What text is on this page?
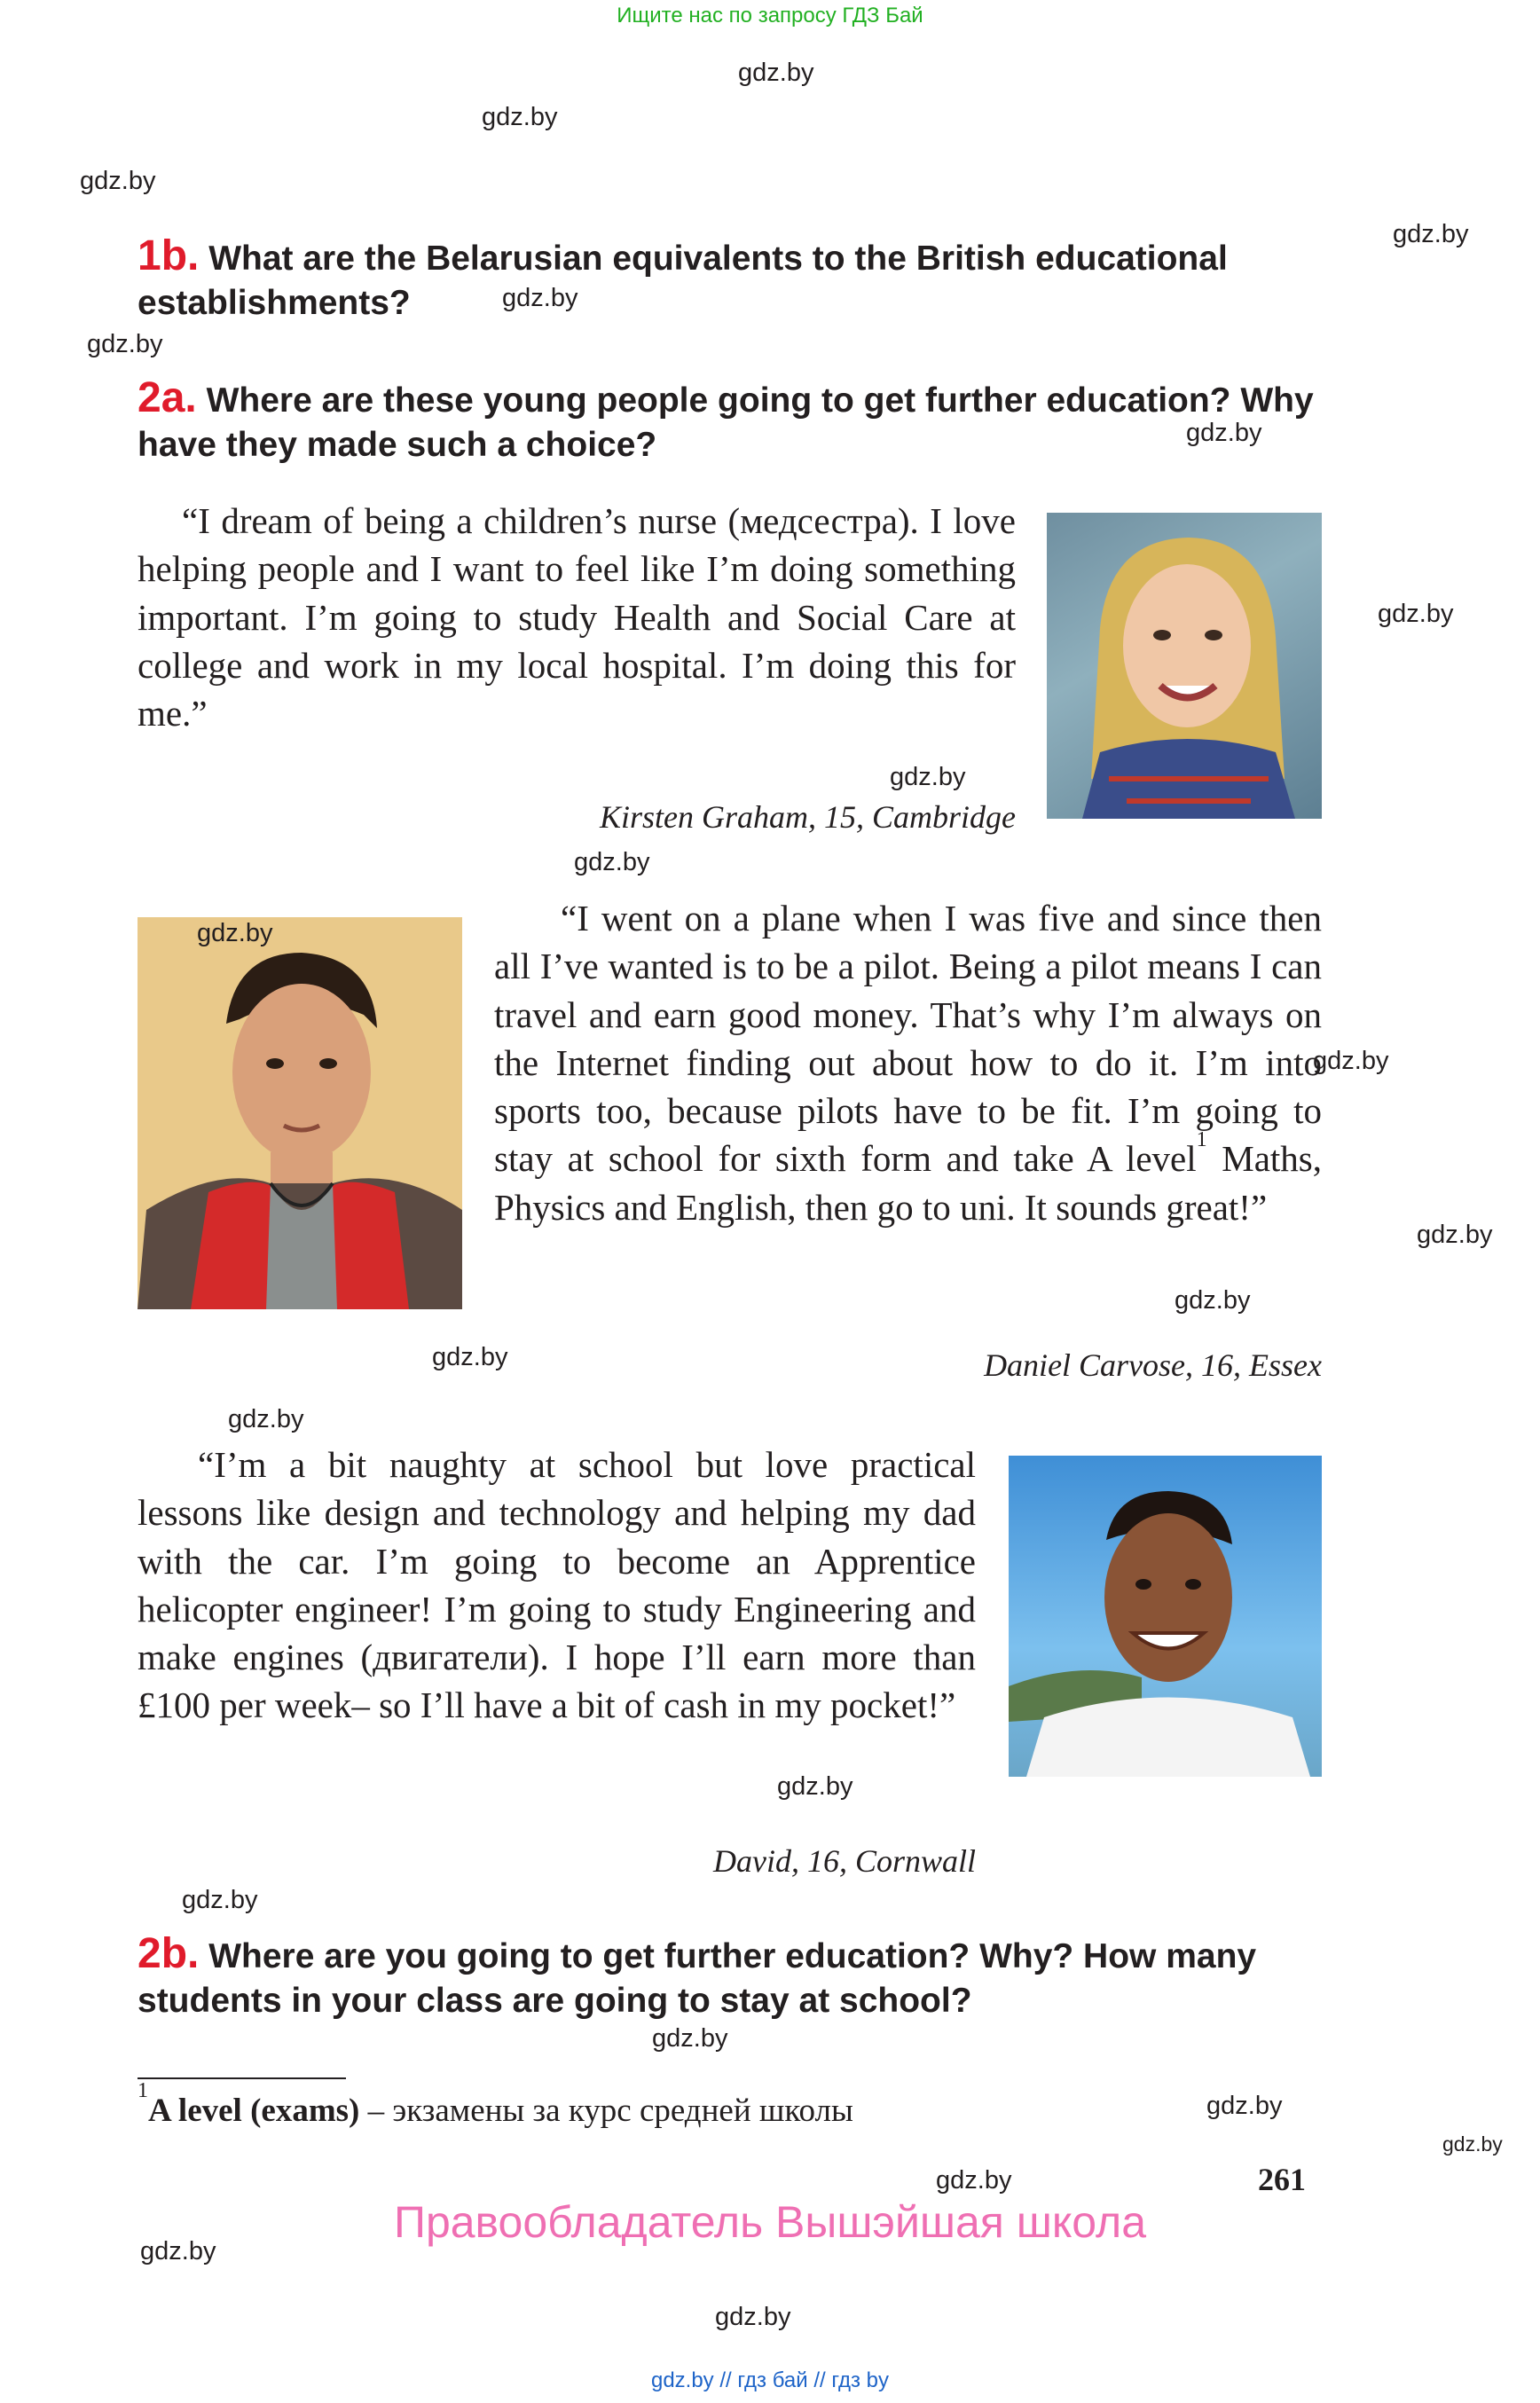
Ищите нас по запросу ГДЗ Бай
gdz.by
gdz.by
gdz.by
gdz.by
gdz.by
gdz.by
gdz.by
gdz.by
gdz.by
gdz.by
gdz.by
gdz.by
gdz.by
gdz.by
gdz.by
gdz.by
gdz.by
gdz.by
gdz.by
gdz.by
gdz.by
gdz.by
gdz.by
gdz.by
1b. What are the Belarusian equivalents to the British educational establishments?
2a. Where are these young people going to get further education? Why have they made such a choice?
“I dream of being a children’s nurse (медсестра). I love helping people and I want to feel like I’m doing something important. I’m going to study Health and Social Care at college and work in my local hospital. I’m doing this for me.”
Kirsten Graham, 15, Cambridge
“I went on a plane when I was five and since then all I’ve wanted is to be a pilot. Being a pilot means I can travel and earn good money. That’s why I’m always on the Internet finding out about how to do it. I’m into sports too, because pilots have to be fit. I’m going to stay at school for sixth form and take A level$^1$ Maths, Physics and English, then go to uni. It sounds great!”
Daniel Carvose, 16, Essex
“I’m a bit naughty at school but love practical lessons like design and technology and helping my dad with the car. I’m going to become an Apprentice helicopter engineer! I’m going to study Engineering and make engines (двигатели). I hope I’ll earn more than £100 per week– so I’ll have a bit of cash in my pocket!”
David, 16, Cornwall
2b. Where are you going to get further education? Why? How many students in your class are going to stay at school?
$^1$A level (exams) – экзамены за курс средней школы
261
Правообладатель Вышэйшая школа
gdz.by // гдз бай // гдз by
